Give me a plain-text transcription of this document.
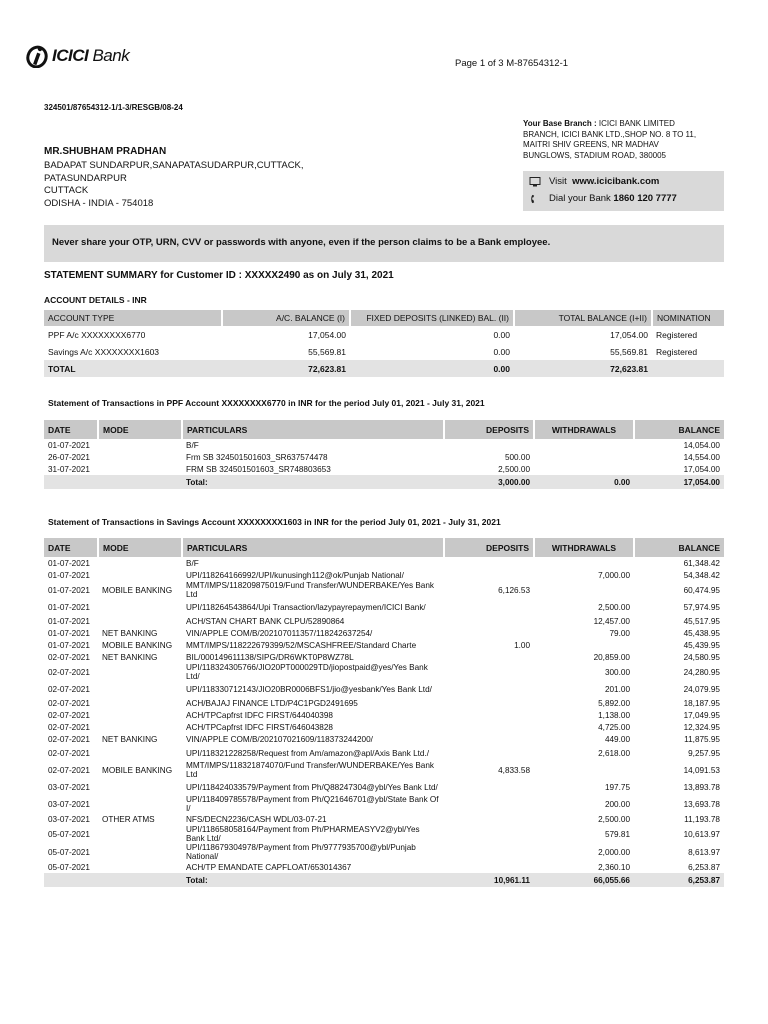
ICICI Bank	Page 1 of 3 M-87654312-1
324501/87654312-1/1-3/RESGB/08-24
MR.SHUBHAM PRADHAN
BADAPAT SUNDARPUR,SANAPATASUDARPUR,CUTTACK,
PATASUNDARPUR
CUTTACK
ODISHA - INDIA - 754018
Your Base Branch : ICICI BANK LIMITED
BRANCH, ICICI BANK LTD.,SHOP NO. 8 TO 11,
MAITRI SHIV GREENS, NR MADHAV
BUNGLOWS, STADIUM ROAD, 380005
Visit
www.icicibank.com
Dial your Bank
1860 120 7777
Never share your OTP, URN, CVV or passwords with anyone, even if the person claims to be a Bank employee.
STATEMENT SUMMARY for Customer ID : XXXXX2490 as on July 31, 2021
ACCOUNT DETAILS - INR
ACCOUNT TYPE	A/C. BALANCE (I)	FIXED DEPOSITS (LINKED) BAL. (II)	TOTAL BALANCE (I+II)	NOMINATION
PPF A/c XXXXXXXX6770	17,054.00	0.00	17,054.00	Registered
Savings A/c XXXXXXXX1603	55,569.81	0.00	55,569.81	Registered
TOTAL	72,623.81	0.00	72,623.81	
Statement of Transactions in PPF Account XXXXXXXX6770 in INR for the period July 01, 2021 - July 31, 2021
DATE	MODE	PARTICULARS	DEPOSITS	WITHDRAWALS	BALANCE
01-07-2021		B/F			14,054.00
26-07-2021		Frm SB 324501501603_SR637574478	500.00		14,554.00
31-07-2021		FRM SB 324501501603_SR748803653	2,500.00		17,054.00
		Total:	3,000.00	0.00	17,054.00
Statement of Transactions in Savings Account XXXXXXXX1603 in INR for the period July 01, 2021 - July 31, 2021
DATE	MODE	PARTICULARS	DEPOSITS	WITHDRAWALS	BALANCE
01-07-2021		B/F			61,348.42
01-07-2021		UPI/118264166992/UPI/kunusingh112@ok/Punjab National/		7,000.00	54,348.42
01-07-2021	MOBILE BANKING	MMT/IMPS/118209875019/Fund Transfer/WUNDERBAKE/Yes Bank Ltd	6,126.53		60,474.95
01-07-2021		UPI/118264543864/Upi Transaction/lazypayrepaymen/ICICI Bank/		2,500.00	57,974.95
01-07-2021		ACH/STAN CHART BANK CLPU/52890864		12,457.00	45,517.95
01-07-2021	NET BANKING	VIN/APPLE COM/B/202107011357/118242637254/		79.00	45,438.95
01-07-2021	MOBILE BANKING	MMT/IMPS/118222679399/52/MSCASHFREE/Standard Charte	1.00		45,439.95
02-07-2021	NET BANKING	BIL/000149611138/SIPG/DR6WKT0P8WZ78L		20,859.00	24,580.95
02-07-2021		UPI/118324305766/JIO20PT000029TD/jiopostpaid@yes/Yes Bank Ltd/		300.00	24,280.95
02-07-2021		UPI/118330712143/JIO20BR0006BFS1/jio@yesbank/Yes Bank Ltd/		201.00	24,079.95
02-07-2021		ACH/BAJAJ FINANCE LTD/P4C1PGD2491695		5,892.00	18,187.95
02-07-2021		ACH/TPCapfrst IDFC FIRST/644040398		1,138.00	17,049.95
02-07-2021		ACH/TPCapfrst IDFC FIRST/646043828		4,725.00	12,324.95
02-07-2021	NET BANKING	VIN/APPLE COM/B/202107021609/118373244200/		449.00	11,875.95
02-07-2021		UPI/118321228258/Request from Am/amazon@apl/Axis Bank Ltd./		2,618.00	9,257.95
02-07-2021	MOBILE BANKING	MMT/IMPS/118321874070/Fund Transfer/WUNDERBAKE/Yes Bank Ltd	4,833.58		14,091.53
03-07-2021		UPI/118424033579/Payment from Ph/Q88247304@ybl/Yes Bank Ltd/		197.75	13,893.78
03-07-2021		UPI/118409785578/Payment from Ph/Q21646701@ybl/State Bank Of I/		200.00	13,693.78
03-07-2021	OTHER ATMS	NFS/DECN2236/CASH WDL/03-07-21		2,500.00	11,193.78
05-07-2021		UPI/118658058164/Payment from Ph/PHARMEASYV2@ybl/Yes Bank Ltd/		579.81	10,613.97
05-07-2021		UPI/118679304978/Payment from Ph/9777935700@ybl/Punjab National/		2,000.00	8,613.97
05-07-2021		ACH/TP EMANDATE CAPFLOAT/653014367		2,360.10	6,253.87
		Total:	10,961.11	66,055.66	6,253.87
